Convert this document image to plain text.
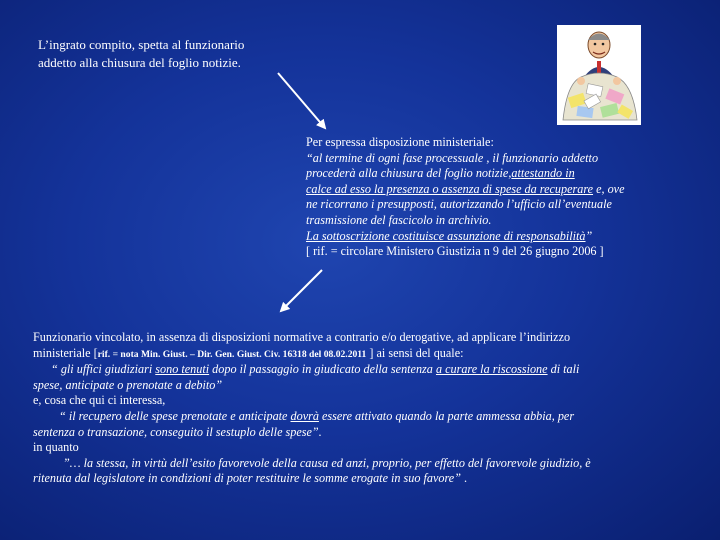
L’ingrato compito, spetta al funzionario
addetto alla chiusura del foglio notizie.
Per espressa disposizione ministeriale:
“al termine di ogni fase processuale , il funzionario addetto
procederà alla chiusura del foglio notizie,attestando in
calce ad esso la presenza o assenza di spese da recuperare e, ove
ne ricorrano i presupposti, autorizzando l’ufficio all’eventuale
trasmissione del fascicolo in archivio.
La sottoscrizione costituisce assunzione di responsabilità”
[ rif. = circolare Ministero Giustizia n 9 del 26 giugno 2006 ]
Funzionario vincolato, in assenza di disposizioni normative a contrario e/o derogative, ad applicare l’indirizzo
ministeriale [rif. = nota Min. Giust. – Dir. Gen. Giust. Civ. 16318 del 08.02.2011 ] ai sensi del quale:
“ gli uffici giudiziari sono tenuti dopo il passaggio in giudicato della sentenza a curare la riscossione di tali
spese, anticipate o prenotate a debito”
e, cosa che qui ci interessa,
“ il recupero delle spese prenotate e anticipate dovrà essere attivato quando la parte ammessa abbia, per
sentenza o transazione, conseguito il sestuplo delle spese”.
in quanto
”… la stessa, in virtù dell’esito favorevole della causa ed anzi, proprio, per effetto del favorevole giudizio, è
ritenuta dal legislatore in condizioni di poter restituire le somme erogate in suo favore” .
